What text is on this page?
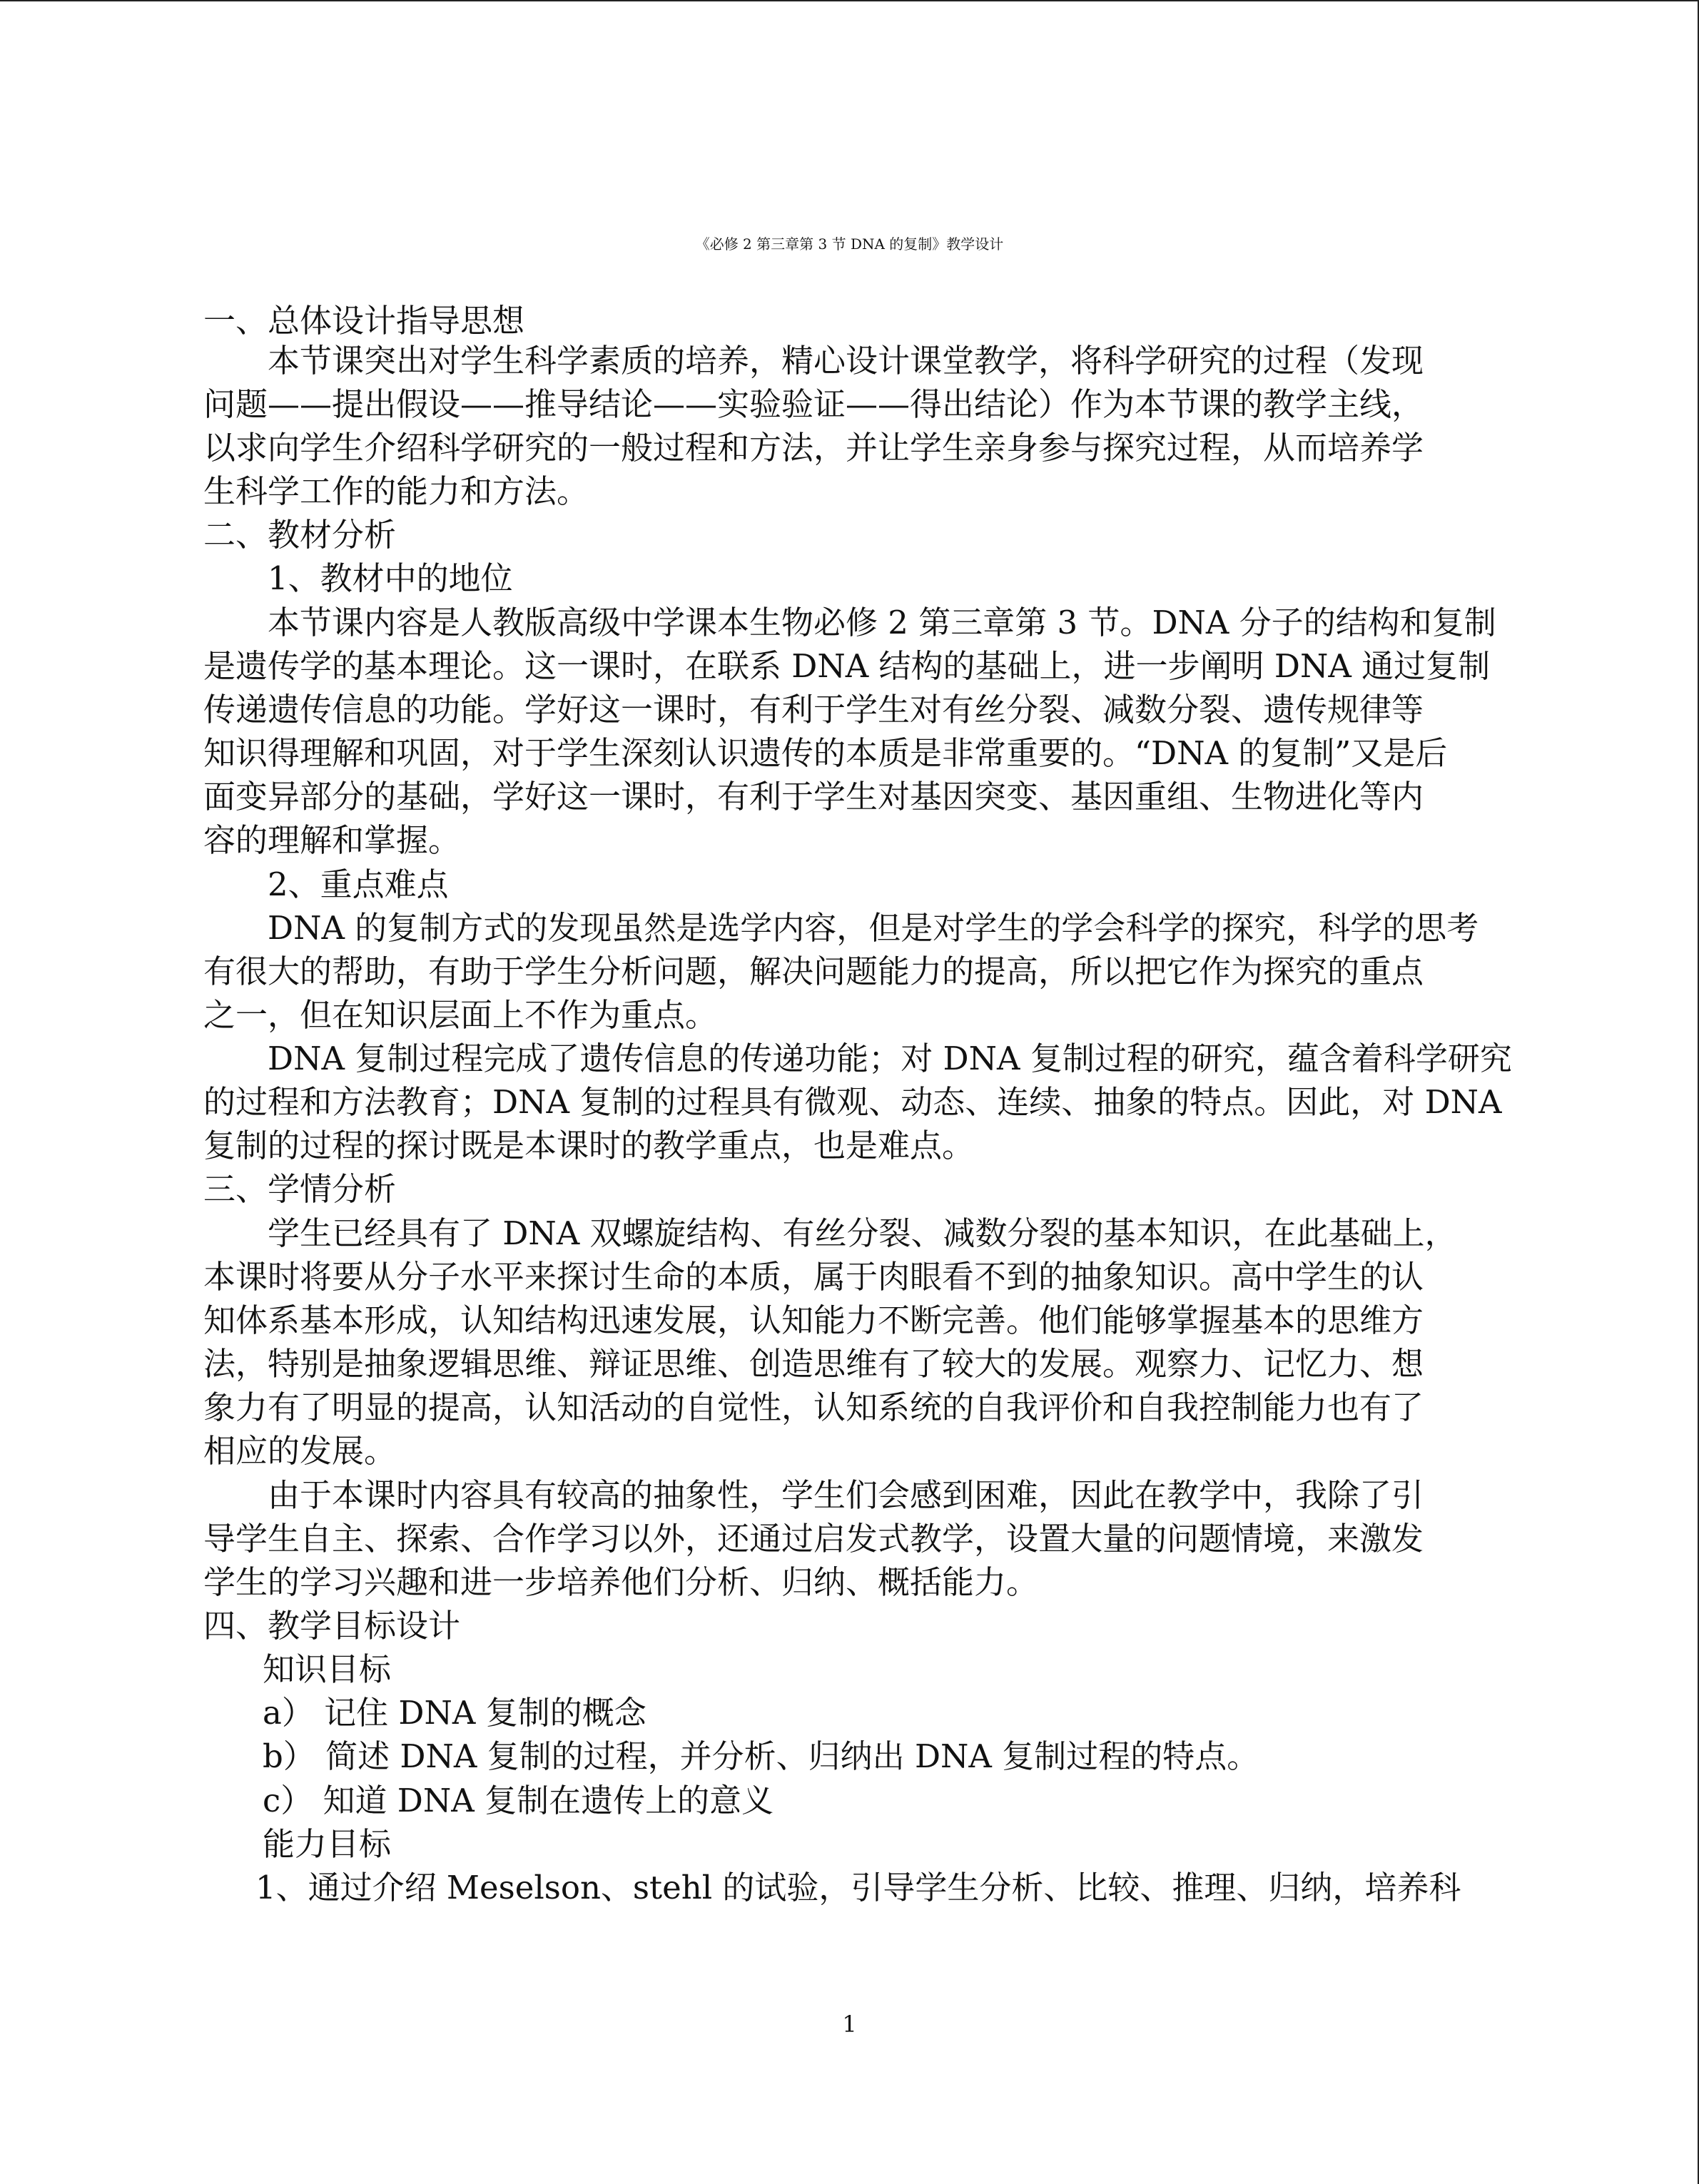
《必修 2 第三章第 3 节 DNA 的复制》教学设计
一、总体设计指导思想
本节课突出对学生科学素质的培养，精心设计课堂教学，将科学研究的过程（发现
问题——提出假设——推导结论——实验验证——得出结论）作为本节课的教学主线，
以求向学生介绍科学研究的一般过程和方法，并让学生亲身参与探究过程，从而培养学
生科学工作的能力和方法。
二、教材分析
1、教材中的地位
本节课内容是人教版高级中学课本生物必修 2 第三章第 3 节。DNA 分子的结构和复制
是遗传学的基本理论。这一课时，在联系 DNA 结构的基础上，进一步阐明 DNA 通过复制
传递遗传信息的功能。学好这一课时，有利于学生对有丝分裂、减数分裂、遗传规律等
知识得理解和巩固，对于学生深刻认识遗传的本质是非常重要的。“DNA 的复制”又是后
面变异部分的基础，学好这一课时，有利于学生对基因突变、基因重组、生物进化等内
容的理解和掌握。
2、重点难点
DNA 的复制方式的发现虽然是选学内容，但是对学生的学会科学的探究，科学的思考
有很大的帮助，有助于学生分析问题，解决问题能力的提高，所以把它作为探究的重点
之一，但在知识层面上不作为重点。
DNA 复制过程完成了遗传信息的传递功能；对 DNA 复制过程的研究，蕴含着科学研究
的过程和方法教育；DNA 复制的过程具有微观、动态、连续、抽象的特点。因此，对 DNA
复制的过程的探讨既是本课时的教学重点，也是难点。
三、学情分析
学生已经具有了 DNA 双螺旋结构、有丝分裂、减数分裂的基本知识，在此基础上，
本课时将要从分子水平来探讨生命的本质，属于肉眼看不到的抽象知识。高中学生的认
知体系基本形成，认知结构迅速发展，认知能力不断完善。他们能够掌握基本的思维方
法，特别是抽象逻辑思维、辩证思维、创造思维有了较大的发展。观察力、记忆力、想
象力有了明显的提高，认知活动的自觉性，认知系统的自我评价和自我控制能力也有了
相应的发展。
由于本课时内容具有较高的抽象性，学生们会感到困难，因此在教学中，我除了引
导学生自主、探索、合作学习以外，还通过启发式教学，设置大量的问题情境，来激发
学生的学习兴趣和进一步培养他们分析、归纳、概括能力。
四、教学目标设计
知识目标
a） 记住 DNA 复制的概念
b） 简述 DNA 复制的过程，并分析、归纳出 DNA 复制过程的特点。
c） 知道 DNA 复制在遗传上的意义
能力目标
1、通过介绍 Meselson、stehl 的试验，引导学生分析、比较、推理、归纳，培养科
1
